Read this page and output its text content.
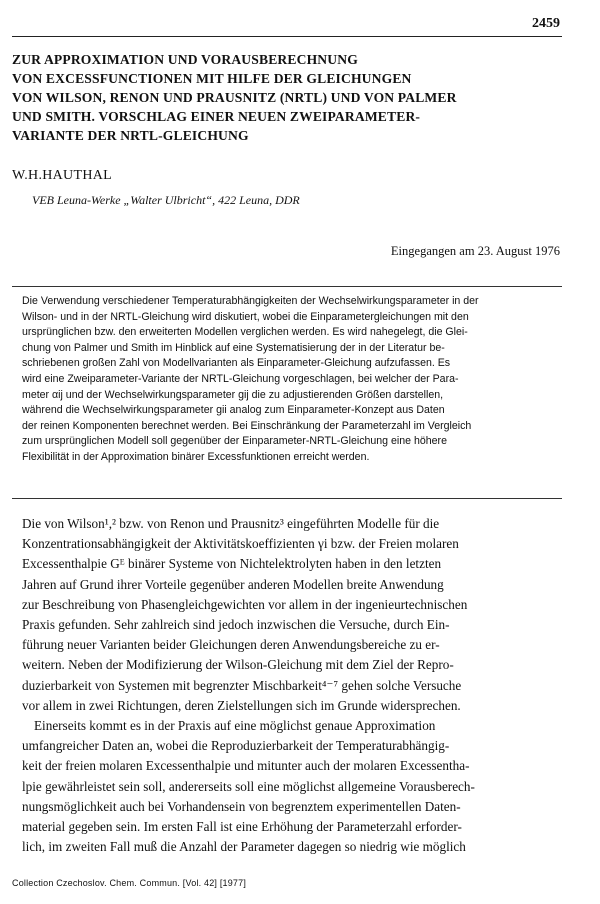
2459
ZUR APPROXIMATION UND VORAUSBERECHNUNG
VON EXCESSFUNCTIONEN MIT HILFE DER GLEICHUNGEN
VON WILSON, RENON UND PRAUSNITZ (NRTL) UND VON PALMER
UND SMITH. VORSCHLAG EINER NEUEN ZWEIPARAMETER-
VARIANTE DER NRTL-GLEICHUNG
W.H.HAUTHAL
VEB Leuna-Werke „Walter Ulbricht“, 422 Leuna, DDR
Eingegangen am 23. August 1976
Die Verwendung verschiedener Temperaturabhängigkeiten der Wechselwirkungsparameter in der
Wilson- und in der NRTL-Gleichung wird diskutiert, wobei die Einparametergleichungen mit den
ursprünglichen bzw. den erweiterten Modellen verglichen werden. Es wird nahegelegt, die Glei-
chung von Palmer und Smith im Hinblick auf eine Systematisierung der in der Literatur be-
schriebenen großen Zahl von Modellvarianten als Einparameter-Gleichung aufzufassen. Es
wird eine Zweiparameter-Variante der NRTL-Gleichung vorgeschlagen, bei welcher der Para-
meter αij und der Wechselwirkungsparameter gij die zu adjustierenden Größen darstellen,
während die Wechselwirkungsparameter gii analog zum Einparameter-Konzept aus Daten
der reinen Komponenten berechnet werden. Bei Einschränkung der Parameterzahl im Vergleich
zum ursprünglichen Modell soll gegenüber der Einparameter-NRTL-Gleichung eine höhere
Flexibilität in der Approximation binärer Excessfunktionen erreicht werden.
Die von Wilson¹,² bzw. von Renon und Prausnitz³ eingeführten Modelle für die
Konzentrationsabhängigkeit der Aktivitätskoeffizienten γi bzw. der Freien molaren
Excessenthalpie Gᴱ binärer Systeme von Nichtelektrolyten haben in den letzten
Jahren auf Grund ihrer Vorteile gegenüber anderen Modellen breite Anwendung
zur Beschreibung von Phasengleichgewichten vor allem in der ingenieurtechnischen
Praxis gefunden. Sehr zahlreich sind jedoch inzwischen die Versuche, durch Ein-
führung neuer Varianten beider Gleichungen deren Anwendungsbereiche zu er-
weitern. Neben der Modifizierung der Wilson-Gleichung mit dem Ziel der Repro-
duzierbarkeit von Systemen mit begrenzter Mischbarkeit⁴⁻⁷ gehen solche Versuche
vor allem in zwei Richtungen, deren Zielstellungen sich im Grunde widersprechen.
Einerseits kommt es in der Praxis auf eine möglichst genaue Approximation
umfangreicher Daten an, wobei die Reproduzierbarkeit der Temperaturabhängig-
keit der freien molaren Excessenthalpie und mitunter auch der molaren Excessentha-
lpie gewährleistet sein soll, andererseits soll eine möglichst allgemeine Vorausberech-
nungsmöglichkeit auch bei Vorhandensein von begrenztem experimentellen Daten-
material gegeben sein. Im ersten Fall ist eine Erhöhung der Parameterzahl erforder-
lich, im zweiten Fall muß die Anzahl der Parameter dagegen so niedrig wie möglich
Collection Czechoslov. Chem. Commun. [Vol. 42] [1977]
